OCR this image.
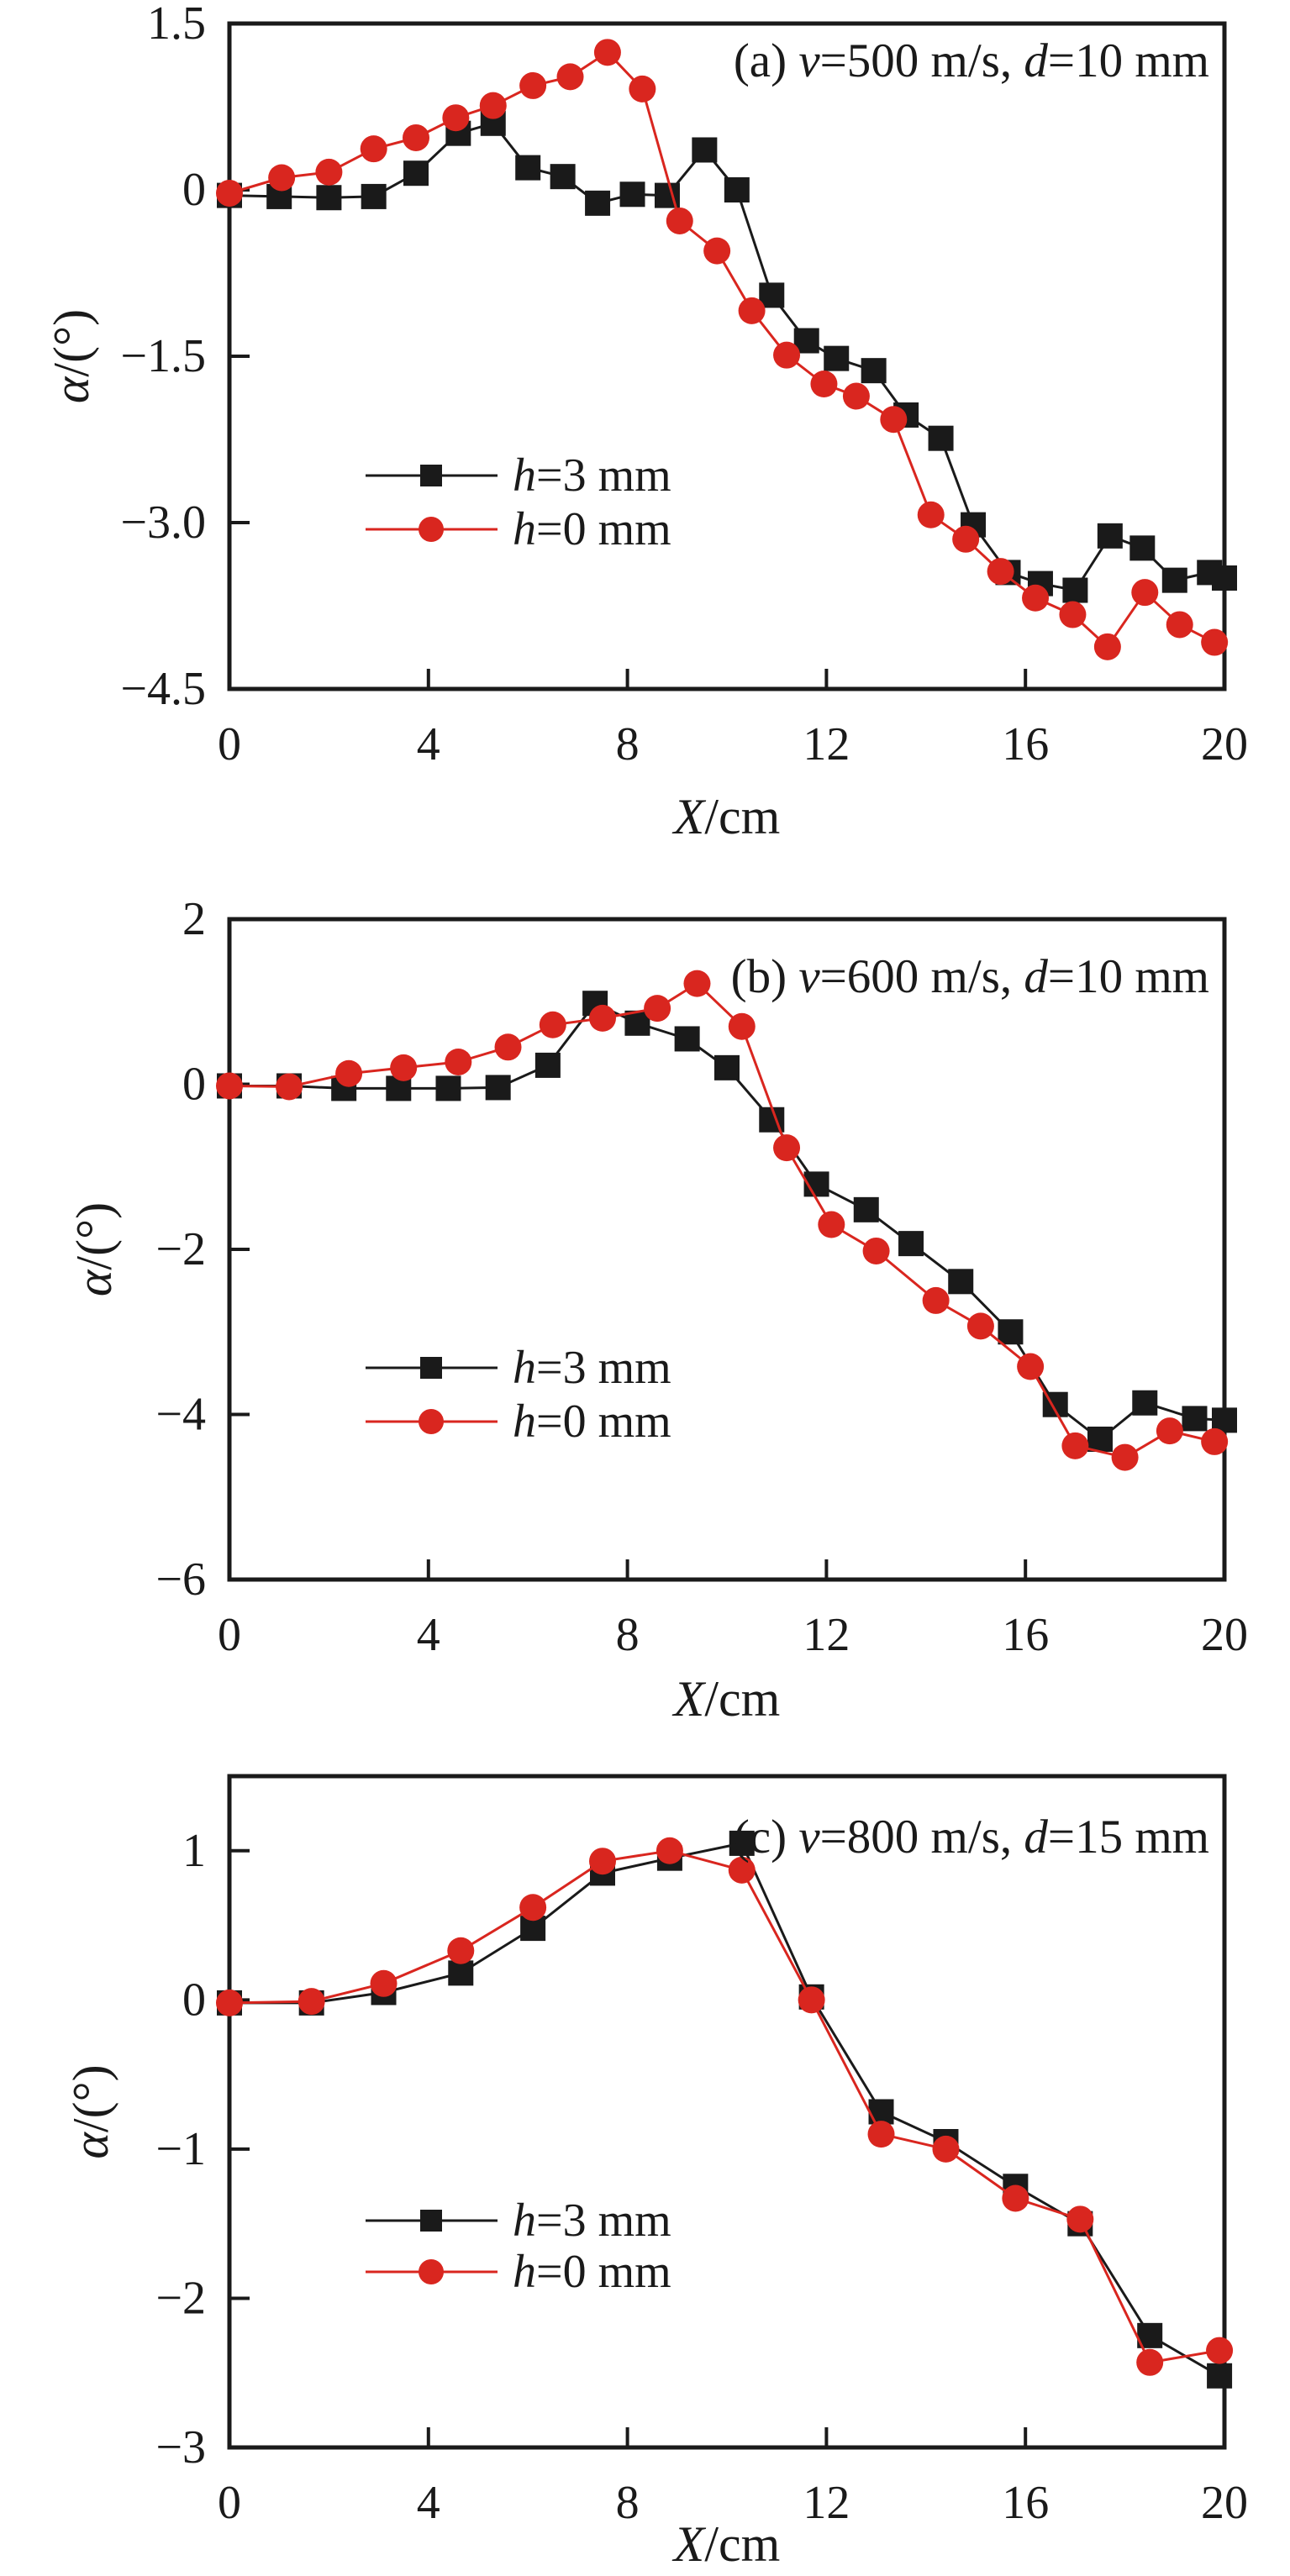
0	4	8	12	16	20
1.5
0
−1.5
−3.0
−4.5
(a) v=500 m/s, d=10 mm
X/cm
α/(°)
h=3 mm
h=0 mm
0	4	8	12	16	20
2
0
−2
−4
−6
(b) v=600 m/s, d=10 mm
X/cm
α/(°)
h=3 mm
h=0 mm
0	4	8	12	16	20
1
0
−1
−2
−3
(c) v=800 m/s, d=15 mm
X/cm
α/(°)
h=3 mm
h=0 mm
